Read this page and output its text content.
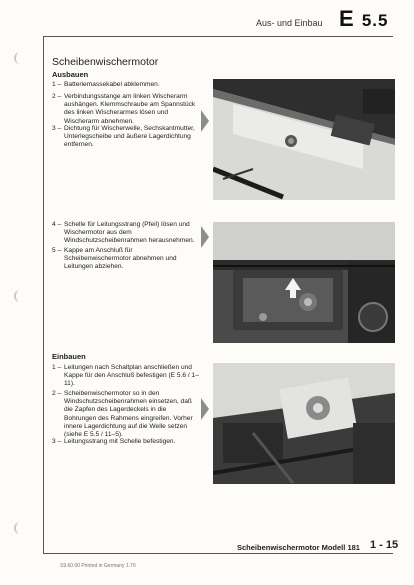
Aus- und Einbau E 5.5
Scheibenwischermotor
Ausbauen
1 – Batteriemassekabel abklemmen.
2 – Verbindungsstange am linken Wischerarm aushängen. Klemmschraube am Spannstück des linken Wischerarmes lösen und Wischerarm abnehmen.
3 – Dichtung für Wischerwelle, Sechskantmutter, Unterlegscheibe und äußere Lagerdichtung entfernen.
4 – Schelle für Leitungsstrang (Pfeil) lösen und Wischermotor aus dem Windschutzscheibenrahmen herausnehmen.
5 – Kappe am Anschluß für Scheibenwischermotor abnehmen und Leitungen abziehen.
Einbauen
1 – Leitungen nach Schaltplan anschließen und Kappe für den Anschluß befestigen (E 5.6 / 1–11).
2 – Scheibenwischermotor so in den Windschutzscheibenrahmen einsetzen, daß die Zapfen des Lagerdeckels in die Bohrungen des Rahmens eingreifen. Vorher innere Lagerdichtung auf die Welle setzen (siehe E 5.5 / 11–5).
3 – Leitungsstrang mit Schelle befestigen.
Scheibenwischermotor Modell 181 1 - 15
S9.60.00 Printed in Germany 1.70
